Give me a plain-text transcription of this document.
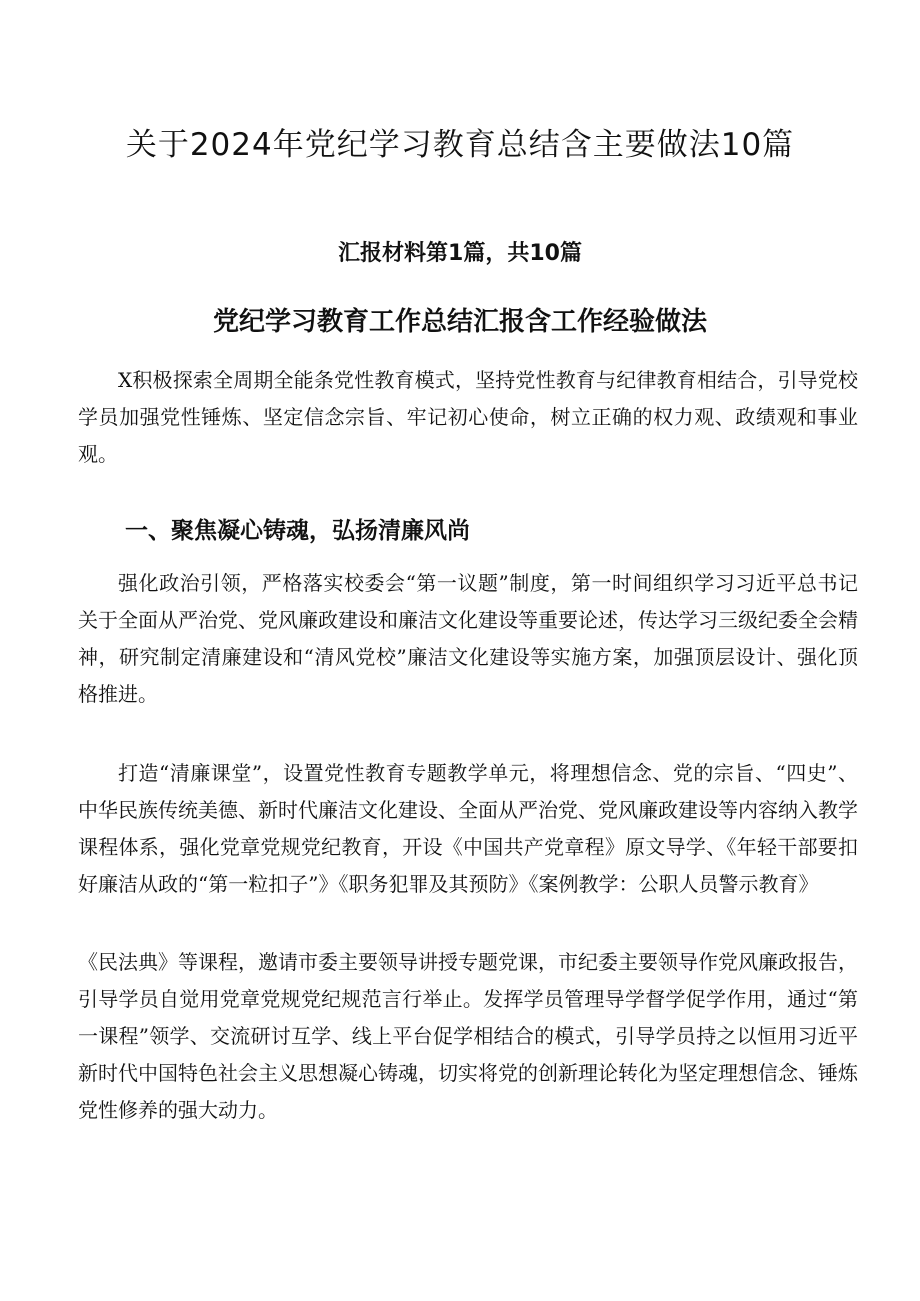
关于2024年党纪学习教育总结含主要做法10篇
汇报材料第1篇，共10篇
党纪学习教育工作总结汇报含工作经验做法

X积极探索全周期全能条党性教育模式，坚持党性教育与纪律教育相结合，引导党校学员加强党性锤炼、坚定信念宗旨、牢记初心使命，树立正确的权力观、政绩观和事业观。

一、聚焦凝心铸魂，弘扬清廉风尚

强化政治引领，严格落实校委会“第一议题”制度，第一时间组织学习习近平总书记关于全面从严治党、党风廉政建设和廉洁文化建设等重要论述，传达学习三级纪委全会精神，研究制定清廉建设和“清风党校”廉洁文化建设等实施方案，加强顶层设计、强化顶格推进。

打造“清廉课堂”，设置党性教育专题教学单元，将理想信念、党的宗旨、“四史”、中华民族传统美德、新时代廉洁文化建设、全面从严治党、党风廉政建设等内容纳入教学课程体系，强化党章党规党纪教育，开设《中国共产党章程》原文导学、《年轻干部要扣好廉洁从政的“第一粒扣子”》《职务犯罪及其预防》《案例教学：公职人员警示教育》

《民法典》等课程，邀请市委主要领导讲授专题党课，市纪委主要领导作党风廉政报告，引导学员自觉用党章党规党纪规范言行举止。发挥学员管理导学督学促学作用，通过“第一课程”领学、交流研讨互学、线上平台促学相结合的模式，引导学员持之以恒用习近平新时代中国特色社会主义思想凝心铸魂，切实将党的创新理论转化为坚定理想信念、锤炼党性修养的强大动力。
